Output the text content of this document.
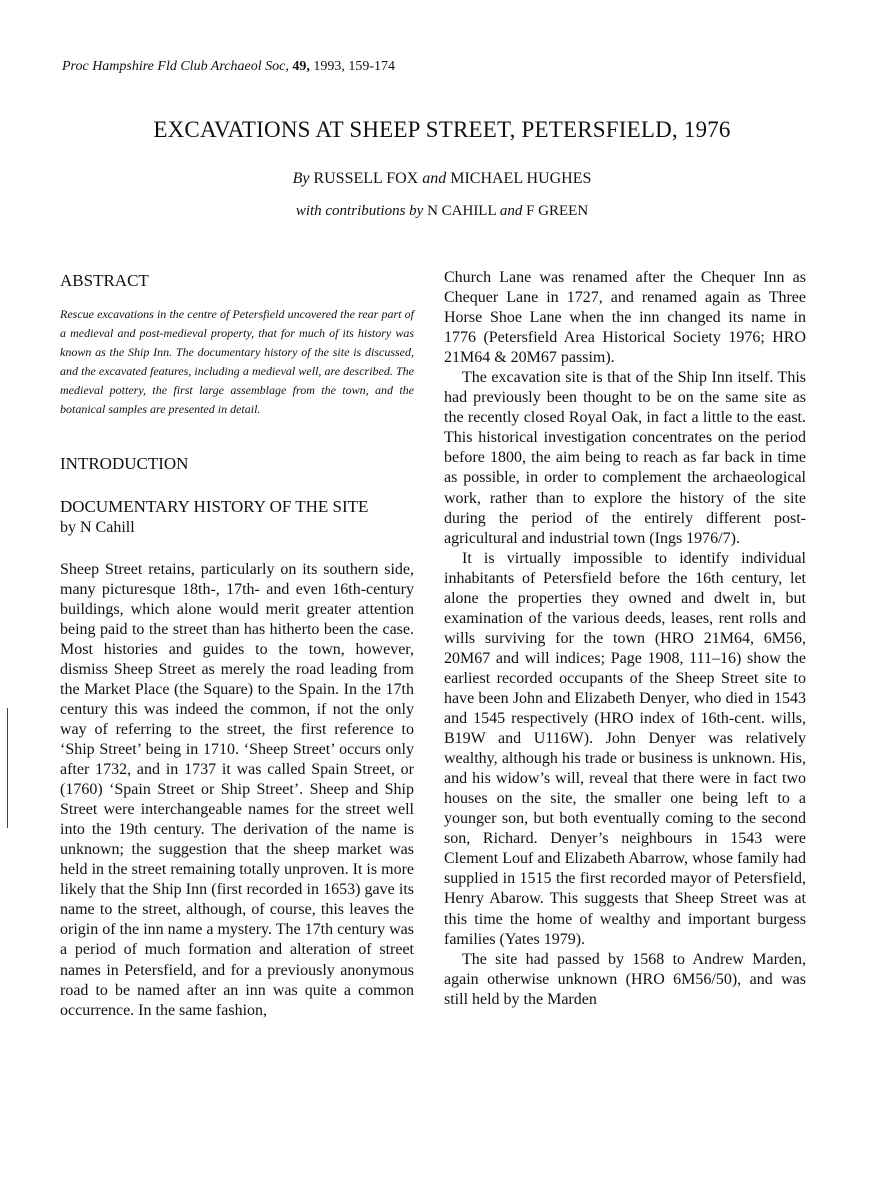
Proc Hampshire Fld Club Archaeol Soc, 49, 1993, 159-174
EXCAVATIONS AT SHEEP STREET, PETERSFIELD, 1976
By RUSSELL FOX and MICHAEL HUGHES
with contributions by N CAHILL and F GREEN
ABSTRACT

Rescue excavations in the centre of Petersfield uncovered the rear part of a medieval and post-medieval property, that for much of its history was known as the Ship Inn. The documentary history of the site is discussed, and the excavated features, including a medieval well, are described. The medieval pottery, the first large assemblage from the town, and the botanical samples are presented in detail.

INTRODUCTION
DOCUMENTARY HISTORY OF THE SITE
by N Cahill

Sheep Street retains, particularly on its southern side, many picturesque 18th-, 17th- and even 16th-century buildings, which alone would merit greater attention being paid to the street than has hitherto been the case. Most histories and guides to the town, however, dismiss Sheep Street as merely the road leading from the Market Place (the Square) to the Spain. In the 17th century this was indeed the common, if not the only way of referring to the street, the first reference to ‘Ship Street’ being in 1710. ‘Sheep Street’ occurs only after 1732, and in 1737 it was called Spain Street, or (1760) ‘Spain Street or Ship Street’. Sheep and Ship Street were interchangeable names for the street well into the 19th century. The derivation of the name is unknown; the suggestion that the sheep market was held in the street remaining totally unproven. It is more likely that the Ship Inn (first recorded in 1653) gave its name to the street, although, of course, this leaves the origin of the inn name a mystery. The 17th century was a period of much formation and alteration of street names in Petersfield, and for a previously anonymous road to be named after an inn was quite a common occurrence. In the same fashion,

Church Lane was renamed after the Chequer Inn as Chequer Lane in 1727, and renamed again as Three Horse Shoe Lane when the inn changed its name in 1776 (Petersfield Area Historical Society 1976; HRO 21M64 & 20M67 passim).

The excavation site is that of the Ship Inn itself. This had previously been thought to be on the same site as the recently closed Royal Oak, in fact a little to the east. This historical investigation concentrates on the period before 1800, the aim being to reach as far back in time as possible, in order to complement the archaeological work, rather than to explore the history of the site during the period of the entirely different post-agricultural and industrial town (Ings 1976/7).

It is virtually impossible to identify individual inhabitants of Petersfield before the 16th century, let alone the properties they owned and dwelt in, but examination of the various deeds, leases, rent rolls and wills surviving for the town (HRO 21M64, 6M56, 20M67 and will indices; Page 1908, 111–16) show the earliest recorded occupants of the Sheep Street site to have been John and Elizabeth Denyer, who died in 1543 and 1545 respectively (HRO index of 16th-cent. wills, B19W and U116W). John Denyer was relatively wealthy, although his trade or business is unknown. His, and his widow’s will, reveal that there were in fact two houses on the site, the smaller one being left to a younger son, but both eventually coming to the second son, Richard. Denyer’s neighbours in 1543 were Clement Louf and Elizabeth Abarrow, whose family had supplied in 1515 the first recorded mayor of Petersfield, Henry Abarow. This suggests that Sheep Street was at this time the home of wealthy and important burgess families (Yates 1979).

The site had passed by 1568 to Andrew Marden, again otherwise unknown (HRO 6M56/50), and was still held by the Marden
